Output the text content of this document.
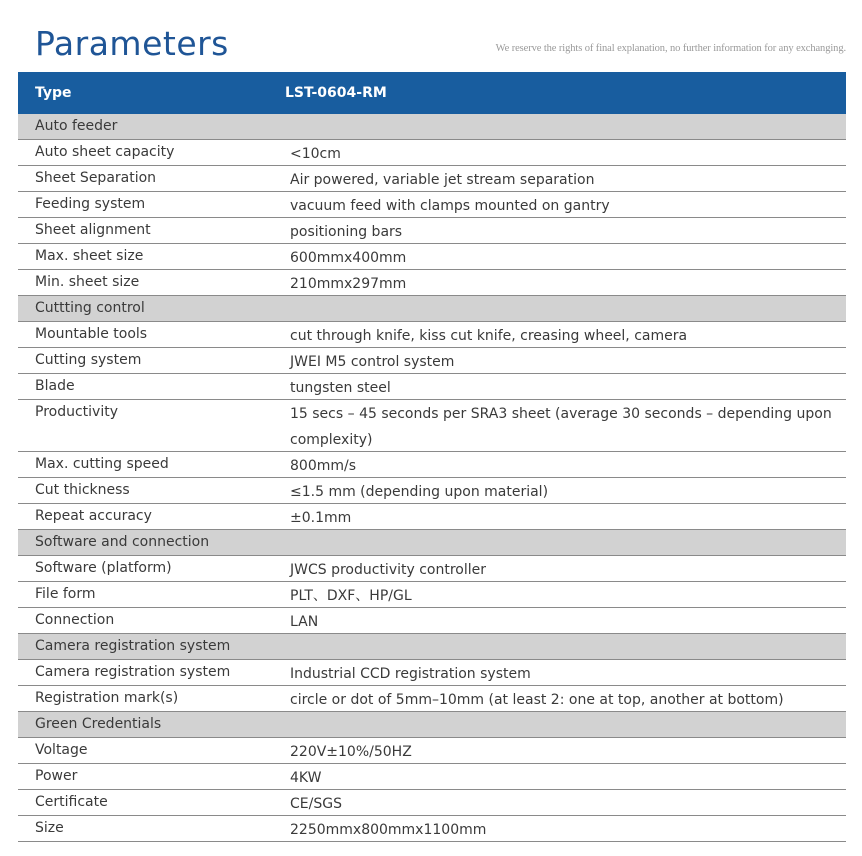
Parameters	We reserve the rights of final explanation, no further information for any exchanging.
Type	LST-0604-RM
Auto feeder
Auto sheet capacity	<10cm
Sheet Separation	Air powered, variable jet stream separation
Feeding system	vacuum feed with clamps mounted on gantry
Sheet alignment	positioning bars
Max. sheet size	600mmx400mm
Min. sheet size	210mmx297mm
Cuttting control
Mountable tools	cut through knife, kiss cut knife, creasing wheel, camera
Cutting system	JWEI M5 control system
Blade	tungsten steel
Productivity	15 secs – 45 seconds per SRA3 sheet (average 30 seconds – depending upon complexity)
Max. cutting speed	800mm/s
Cut thickness	≤1.5 mm (depending upon material)
Repeat accuracy	±0.1mm
Software and connection
Software (platform)	JWCS productivity controller
File form	PLT、DXF、HP/GL
Connection	LAN
Camera registration system
Camera registration system	Industrial CCD registration system
Registration mark(s)	circle or dot of 5mm–10mm (at least 2: one at top, another at bottom)
Green Credentials
Voltage	220V±10%/50HZ
Power	4KW
Certificate	CE/SGS
Size	2250mmx800mmx1100mm
